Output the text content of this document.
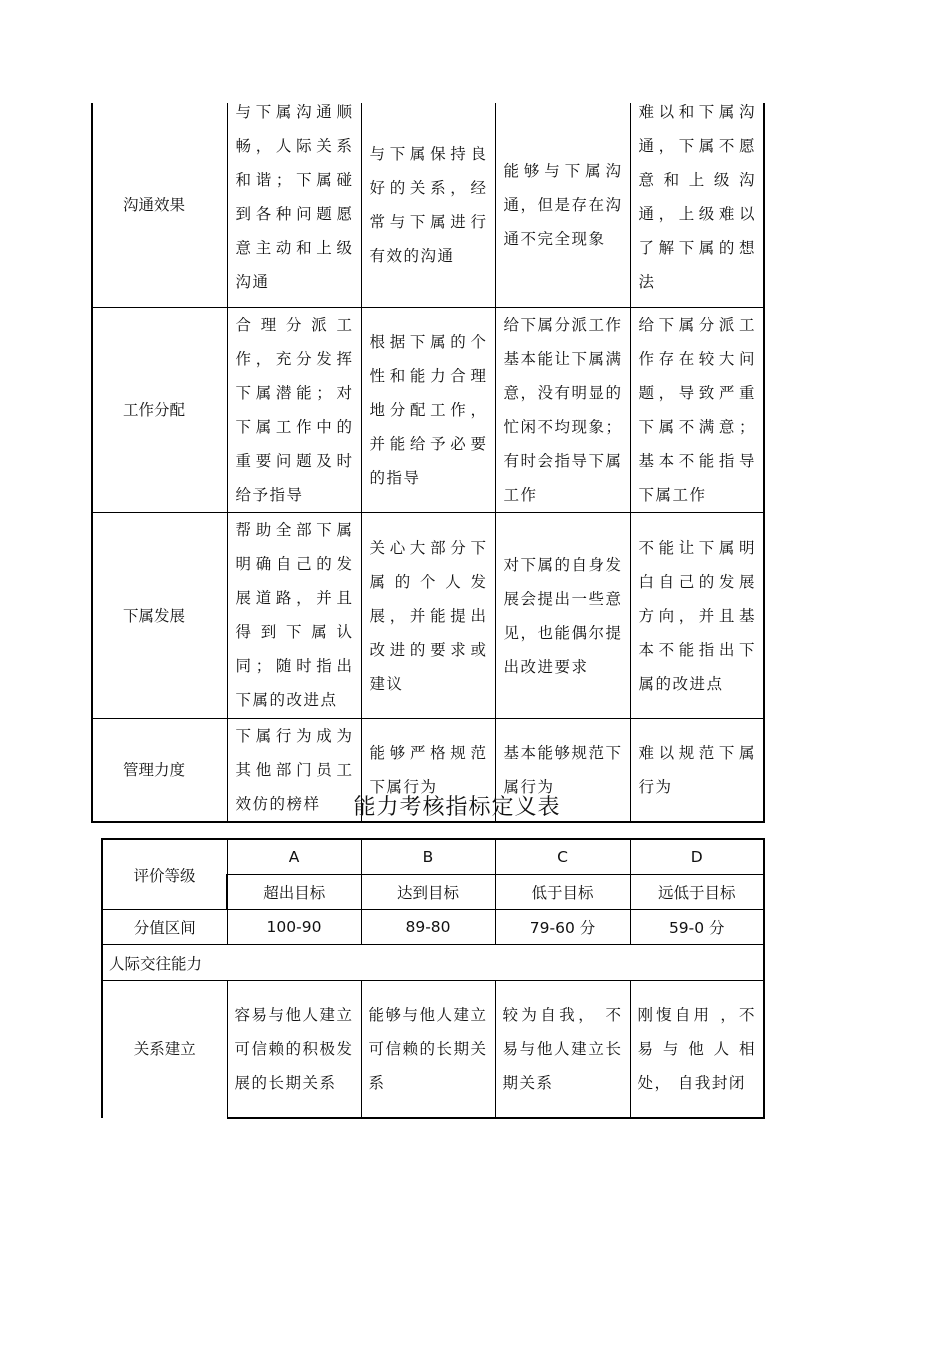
沟通效果	与下属沟通顺畅，人际关系和谐；下属碰到各种问题愿意主动和上级沟通	与下属保持良好的关系，经常与下属进行有效的沟通	能够与下属沟通，但是存在沟通不完全现象	难以和下属沟通，下属不愿意和上级沟通，上级难以了解下属的想法
工作分配	合理分派工作，充分发挥下属潜能；对下属工作中的重要问题及时给予指导	根据下属的个性和能力合理地分配工作，并能给予必要的指导	给下属分派工作基本能让下属满意，没有明显的忙闲不均现象；有时会指导下属工作	给下属分派工作存在较大问题，导致严重下属不满意；基本不能指导下属工作
下属发展	帮助全部下属明确自己的发展道路，并且得到下属认同；随时指出下属的改进点	关心大部分下属的个人发展，并能提出改进的要求或建议	对下属的自身发展会提出一些意见，也能偶尔提出改进要求	不能让下属明白自己的发展方向，并且基本不能指出下属的改进点
管理力度	下属行为成为其他部门员工效仿的榜样	能够严格规范下属行为	基本能够规范下属行为	难以规范下属行为
能力考核指标定义表
评价等级	A	B	C	D
	超出目标	达到目标	低于目标	远低于目标
分值区间	100-90	89-80	79-60 分	59-0 分
人际交往能力				
关系建立	容易与他人建立可信赖的积极发展的长期关系	能够与他人建立可信赖的长期关系	较为自我， 不易与他人建立长期关系	刚愎自用 ，不易与他人相处， 自我封闭
